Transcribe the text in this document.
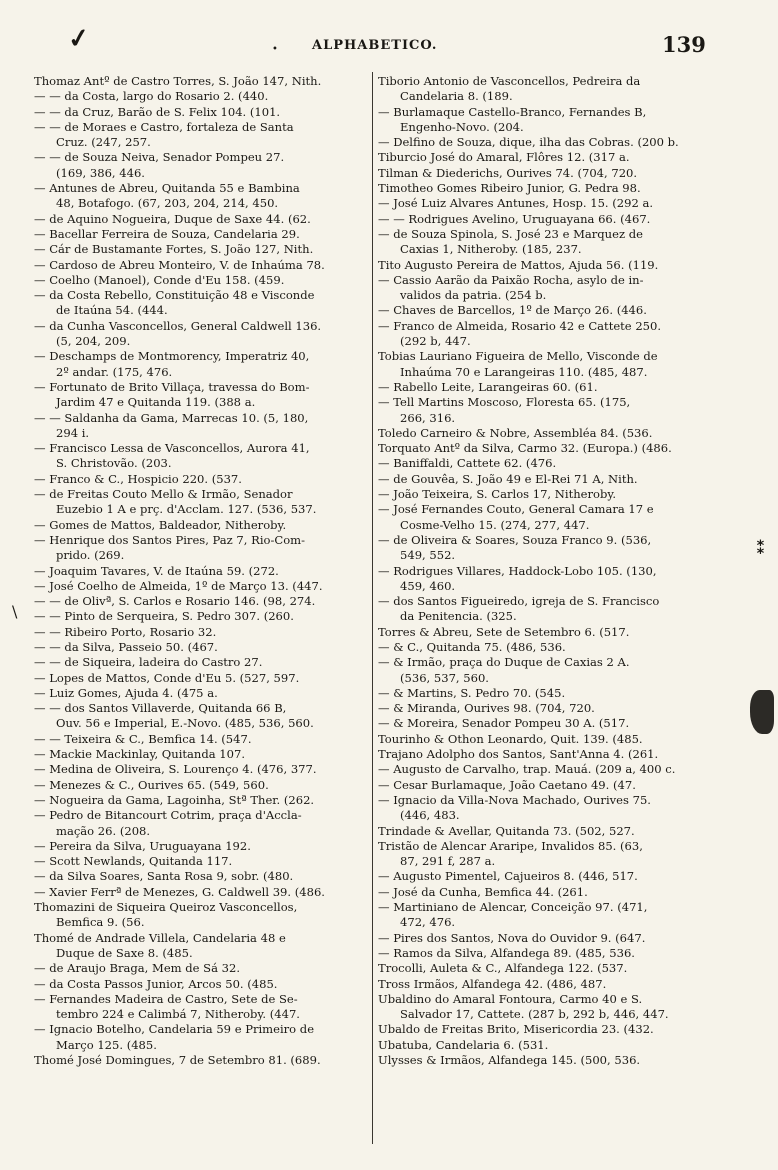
✓	•	ALPHABETICO.	139
Thomaz Antº de Castro Torres, S. João 147, Nith.
— — da Costa, largo do Rosario 2. (440.
— — da Cruz, Barão de S. Felix 104. (101.
— — de Moraes e Castro, fortaleza de Santa
Cruz. (247, 257.
— — de Souza Neiva, Senador Pompeu 27.
(169, 386, 446.
— Antunes de Abreu, Quitanda 55 e Bambina
48, Botafogo. (67, 203, 204, 214, 450.
— de Aquino Nogueira, Duque de Saxe 44. (62.
— Bacellar Ferreira de Souza, Candelaria 29.
— Cár de Bustamante Fortes, S. João 127, Nith.
— Cardoso de Abreu Monteiro, V. de Inhaúma 78.
— Coelho (Manoel), Conde d'Eu 158. (459.
— da Costa Rebello, Constituição 48 e Visconde
de Itaúna 54. (444.
— da Cunha Vasconcellos, General Caldwell 136.
(5, 204, 209.
— Deschamps de Montmorency, Imperatriz 40,
2º andar. (175, 476.
— Fortunato de Brito Villaça, travessa do Bom-
Jardim 47 e Quitanda 119. (388 a.
— — Saldanha da Gama, Marrecas 10. (5, 180,
294 i.
— Francisco Lessa de Vasconcellos, Aurora 41,
S. Christovão. (203.
— Franco & C., Hospicio 220. (537.
— de Freitas Couto Mello & Irmão, Senador
Euzebio 1 A e prç. d'Acclam. 127. (536, 537.
— Gomes de Mattos, Baldeador, Nitheroby.
— Henrique dos Santos Pires, Paz 7, Rio-Com-
prido. (269.
— Joaquim Tavares, V. de Itaúna 59. (272.
— José Coelho de Almeida, 1º de Março 13. (447.
— — de Olivª, S. Carlos e Rosario 146. (98, 274.
— — Pinto de Serqueira, S. Pedro 307. (260.
— — Ribeiro Porto, Rosario 32.
— — da Silva, Passeio 50. (467.
— — de Siqueira, ladeira do Castro 27.
— Lopes de Mattos, Conde d'Eu 5. (527, 597.
— Luiz Gomes, Ajuda 4. (475 a.
— — dos Santos Villaverde, Quitanda 66 B,
Ouv. 56 e Imperial, E.-Novo. (485, 536, 560.
— — Teixeira & C., Bemfica 14. (547.
— Mackie Mackinlay, Quitanda 107.
— Medina de Oliveira, S. Lourenço 4. (476, 377.
— Menezes & C., Ourives 65. (549, 560.
— Nogueira da Gama, Lagoinha, Stª Ther. (262.
— Pedro de Bitancourt Cotrim, praça d'Accla-
mação 26. (208.
— Pereira da Silva, Uruguayana 192.
— Scott Newlands, Quitanda 117.
— da Silva Soares, Santa Rosa 9, sobr. (480.
— Xavier Ferrª de Menezes, G. Caldwell 39. (486.
Thomazini de Siqueira Queiroz Vasconcellos,
Bemfica 9. (56.
Thomé de Andrade Villela, Candelaria 48 e
Duque de Saxe 8. (485.
— de Araujo Braga, Mem de Sá 32.
— da Costa Passos Junior, Arcos 50. (485.
— Fernandes Madeira de Castro, Sete de Se-
tembro 224 e Calimbá 7, Nitheroby. (447.
— Ignacio Botelho, Candelaria 59 e Primeiro de
Março 125. (485.
Thomé José Domingues, 7 de Setembro 81. (689.
Tiborio Antonio de Vasconcellos, Pedreira da
Candelaria 8. (189.
— Burlamaque Castello-Branco, Fernandes B,
Engenho-Novo. (204.
— Delfino de Souza, dique, ilha das Cobras. (200 b.
Tiburcio José do Amaral, Flôres 12. (317 a.
Tilman & Diederichs, Ourives 74. (704, 720.
Timotheo Gomes Ribeiro Junior, G. Pedra 98.
— José Luiz Alvares Antunes, Hosp. 15. (292 a.
— — Rodrigues Avelino, Uruguayana 66. (467.
— de Souza Spinola, S. José 23 e Marquez de
Caxias 1, Nitheroby. (185, 237.
Tito Augusto Pereira de Mattos, Ajuda 56. (119.
— Cassio Aarão da Paixão Rocha, asylo de in-
validos da patria. (254 b.
— Chaves de Barcellos, 1º de Março 26. (446.
— Franco de Almeida, Rosario 42 e Cattete 250.
(292 b, 447.
Tobias Lauriano Figueira de Mello, Visconde de
Inhaúma 70 e Larangeiras 110. (485, 487.
— Rabello Leite, Larangeiras 60. (61.
— Tell Martins Moscoso, Floresta 65. (175,
266, 316.
Toledo Carneiro & Nobre, Assembléa 84. (536.
Torquato Antº da Silva, Carmo 32. (Europa.) (486.
— Baniffaldi, Cattete 62. (476.
— de Gouvêa, S. João 49 e El-Rei 71 A, Nith.
— João Teixeira, S. Carlos 17, Nitheroby.
— José Fernandes Couto, General Camara 17 e
Cosme-Velho 15. (274, 277, 447.
— de Oliveira & Soares, Souza Franco 9. (536,
549, 552.
— Rodrigues Villares, Haddock-Lobo 105. (130,
459, 460.
— dos Santos Figueiredo, igreja de S. Francisco
da Penitencia. (325.
Torres & Abreu, Sete de Setembro 6. (517.
— & C., Quitanda 75. (486, 536.
— & Irmão, praça do Duque de Caxias 2 A.
(536, 537, 560.
— & Martins, S. Pedro 70. (545.
— & Miranda, Ourives 98. (704, 720.
— & Moreira, Senador Pompeu 30 A. (517.
Tourinho & Othon Leonardo, Quit. 139. (485.
Trajano Adolpho dos Santos, Sant'Anna 4. (261.
— Augusto de Carvalho, trap. Mauá. (209 a, 400 c.
— Cesar Burlamaque, João Caetano 49. (47.
— Ignacio da Villa-Nova Machado, Ourives 75.
(446, 483.
Trindade & Avellar, Quitanda 73. (502, 527.
Tristão de Alencar Araripe, Invalidos 85. (63,
87, 291 f, 287 a.
— Augusto Pimentel, Cajueiros 8. (446, 517.
— José da Cunha, Bemfica 44. (261.
— Martiniano de Alencar, Conceição 97. (471,
472, 476.
— Pires dos Santos, Nova do Ouvidor 9. (647.
— Ramos da Silva, Alfandega 89. (485, 536.
Trocolli, Auleta & C., Alfandega 122. (537.
Tross Irmãos, Alfandega 42. (486, 487.
Ubaldino do Amaral Fontoura, Carmo 40 e S.
Salvador 17, Cattete. (287 b, 292 b, 446, 447.
Ubaldo de Freitas Brito, Misericordia 23. (432.
Ubatuba, Candelaria 6. (531.
Ulysses & Irmãos, Alfandega 145. (500, 536.
⁑
\
